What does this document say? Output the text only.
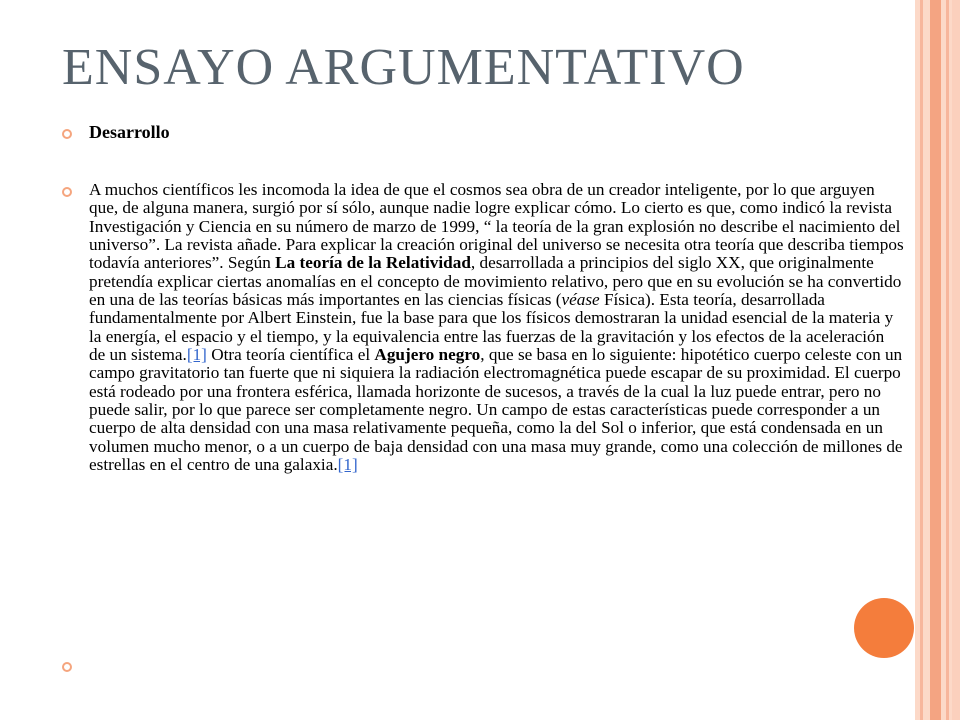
ENSAYO ARGUMENTATIVO
Desarrollo

A muchos científicos les incomoda la idea de que el cosmos sea obra de un creador inteligente, por lo que arguyen que, de alguna manera, surgió por sí sólo, aunque nadie logre explicar cómo. Lo cierto es que, como indicó la revista Investigación y Ciencia en su número de marzo de 1999, “ la teoría de la gran explosión no describe el nacimiento del universo”. La revista añade. Para explicar la creación original del universo se necesita otra teoría que describa tiempos todavía anteriores”. Según La teoría de la Relatividad, desarrollada a principios del siglo XX, que originalmente pretendía explicar ciertas anomalías en el concepto de movimiento relativo, pero que en su evolución se ha convertido en una de las teorías básicas más importantes en las ciencias físicas (véase Física). Esta teoría, desarrollada fundamentalmente por Albert Einstein, fue la base para que los físicos demostraran la unidad esencial de la materia y la energía, el espacio y el tiempo, y la equivalencia entre las fuerzas de la gravitación y los efectos de la aceleración de un sistema.[1] Otra teoría científica el Agujero negro, que se basa en lo siguiente: hipotético cuerpo celeste con un campo gravitatorio tan fuerte que ni siquiera la radiación electromagnética puede escapar de su proximidad. El cuerpo está rodeado por una frontera esférica, llamada horizonte de sucesos, a través de la cual la luz puede entrar, pero no puede salir, por lo que parece ser completamente negro. Un campo de estas características puede corresponder a un cuerpo de alta densidad con una masa relativamente pequeña, como la del Sol o inferior, que está condensada en un volumen mucho menor, o a un cuerpo de baja densidad con una masa muy grande, como una colección de millones de estrellas en el centro de una galaxia.[1]
